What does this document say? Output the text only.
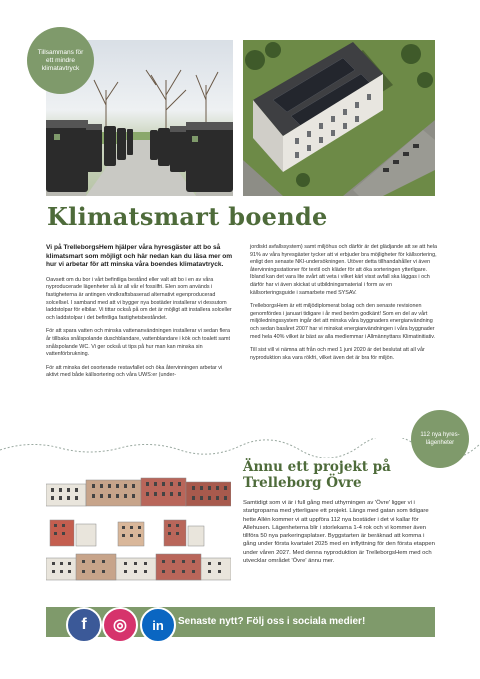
Tillsammans för ett mindre klimatavtryck
Klimatsmart boende

Vi på TrelleborgsHem hjälper våra hyresgäster att bo så klimatsmart som möjligt och här nedan kan du läsa mer om hur vi arbetar för att minska våra boendes klimatavtryck.

Oavsett om du bor i vårt befintliga bestånd eller valt att bo i en av våra nyproducerade lägenheter så är all vår el fossilfri. Elen som används i fastigheterna är antingen vindkraftsbaserad alternativt egenproducerad solcellsel. I samband med att vi bygger nya bostäder installerar vi dessutom laddstolpar för elbilar. Vi tittar också på om det är möjligt att installera solceller och laddstolpar i det befintliga fastighetsbeståndet.

För att spara vatten och minska vattenanvändningen installerar vi sedan flera år tillbaka snålspolande duschblandare, vattenblandare i kök och toalett samt snålspolande WC. Vi ger också ut tips på hur man kan minska sin vattenförbrukning.

För att minska det osorterade restavfallet och öka återvinningen arbetar vi aktivt med både källsortering och våra UWS:er (under-

jordiskt avfallssystem) samt miljöhus och därför är det glädjande att se att hela 91% av våra hyresgäster tycker att vi erbjuder bra möjligheter för källsortering, enligt den senaste NKI-undersökningen. Utöver detta tillhandahåller vi även återvinningsstationer för textil och kläder för att öka sorteringen ytterligare. Ibland kan det vara lite svårt att veta i vilket kärl visst avfall ska läggas i och därför har vi även skickat ut utbildningsmaterial i form av en källsorteringsguide i samarbete med SYSAV.

TrelleborgsHem är ett miljödiplomerat bolag och den senaste revisionen genomfördes i januari tidigare i år med beröm godkänt! Som en del av vårt miljöledningssystem ingår det att minska våra byggnaders energianvändning och sedan basåret 2007 har vi minskat energianvändningen i våra byggnader med hela 40% vilket är bäst av alla medlemmar i Allmännyttans Klimatinitiativ.

Till sist vill vi nämna att från och med 1 juni 2020 är det beslutat att all vår nyproduktion ska vara rökfri, vilket även det är bra för miljön.

112 nya hyres-lägenheter
Ännu ett projekt på Trelleborg Övre

Samtidigt som vi är i full gång med uthyrningen av 'Övre' ligger vi i startgroparna med ytterligare ett projekt. Längs med gatan som tidigare hette Allén kommer vi att uppföra 112 nya bostäder i det vi kallar för Allehusen. Lägenheterna blir i storlekarna 1-4 rok och vi kommer även tillföra 50 nya parkeringsplatser. Byggstarten är beräknad att komma i gång under första kvartalet 2025 med en inflyttning för den första etappen under våren 2027. Med denna nyproduktion är TrelleborgsHem med och utvecklar området 'Övre' ännu mer.

f ◎ in Senaste nytt? Följ oss i sociala medier!
